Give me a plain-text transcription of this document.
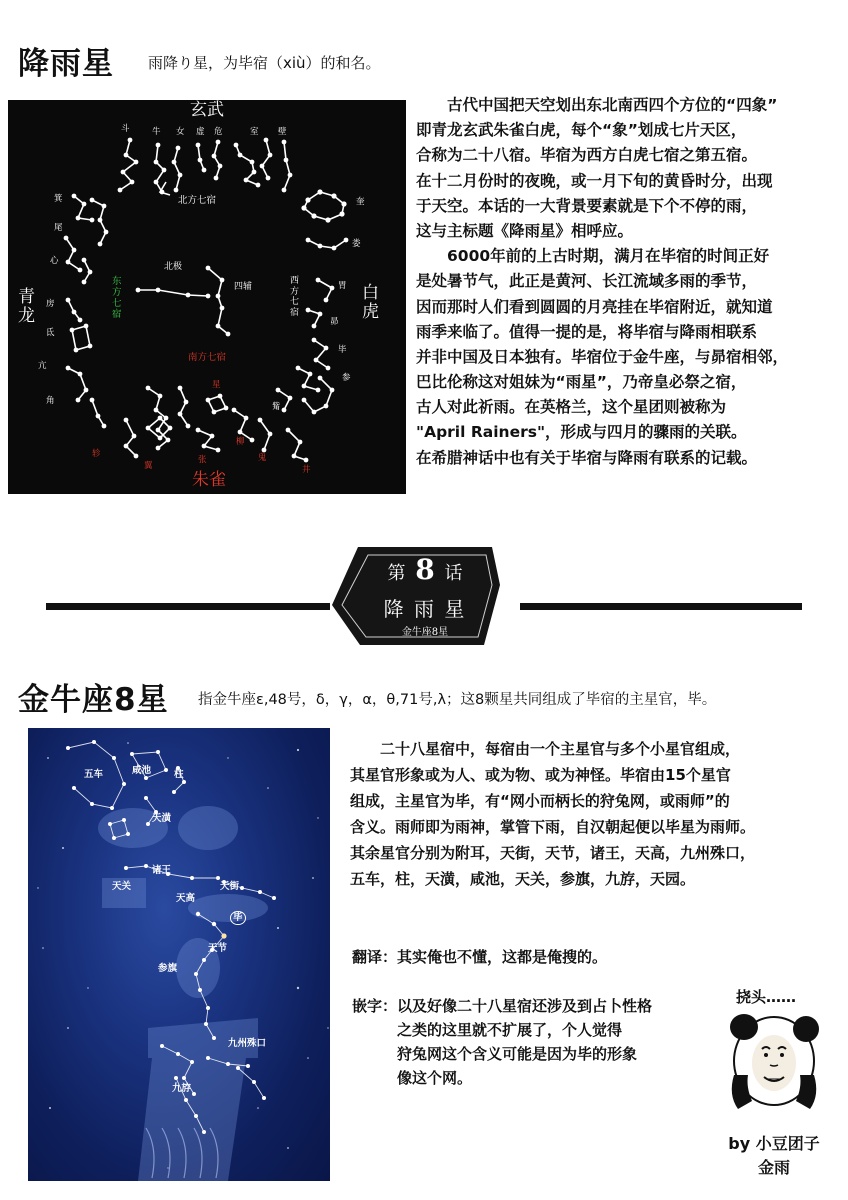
降雨星 雨降り星，为毕宿（xiù）的和名。
玄武
青龙
白虎
朱雀
北方七宿
东方七宿
西方七宿
南方七宿
北极
四辅
斗	牛 女 虚 危	室 壁
箕
尾
心
房
氐
亢
角
奎
娄
胃
昴
毕
参
觜
轸
翼
张
星
柳
鬼
井
　　古代中国把天空划出东北南西四个方位的“四象”
即青龙玄武朱雀白虎，每个“象”划成七片天区，
合称为二十八宿。毕宿为西方白虎七宿之第五宿。
在十二月份时的夜晚，或一月下旬的黄昏时分，出现
于天空。本话的一大背景要素就是下个不停的雨，
这与主标题《降雨星》相呼应。
　　6000年前的上古时期，满月在毕宿的时间正好
是处暑节气，此正是黄河、长江流域多雨的季节，
因而那时人们看到圆圆的月亮挂在毕宿附近，就知道
雨季来临了。值得一提的是，将毕宿与降雨相联系
并非中国及日本独有。毕宿位于金牛座，与昴宿相邻，
巴比伦称这对姐妹为“雨星”，乃帝皇必祭之宿，
古人对此祈雨。在英格兰，这个星团则被称为
"April Rainers"，形成与四月的骤雨的关联。
在希腊神话中也有关于毕宿与降雨有联系的记载。
第 8 话
降 雨 星
金牛座8星
金牛座8星 指金牛座ε,48号，δ，γ，α，θ,71号,λ；这8颗星共同组成了毕宿的主星官，毕。
五车	咸池 柱
天潢
诸王
天关
天高
天街
毕
天节
参旗
九州殊口
九斿
　　二十八星宿中，每宿由一个主星官与多个小星官组成，
其星官形象或为人、或为物、或为神怪。毕宿由15个星官
组成，主星官为毕，有“网小而柄长的狩兔网，或雨师”的
含义。雨师即为雨神，掌管下雨，自汉朝起便以毕星为雨师。
其余星官分别为附耳，天街，天节，诸王，天高，九州殊口，
五车，柱，天潢，咸池，天关，参旗，九斿，天园。
翻译：其实俺也不懂，这都是俺搜的。
嵌字：以及好像二十八星宿还涉及到占卜性格
　　　之类的这里就不扩展了，个人觉得
　　　狩兔网这个含义可能是因为毕的形象
　　　像这个网。
挠头……
by 小豆团子
金雨
